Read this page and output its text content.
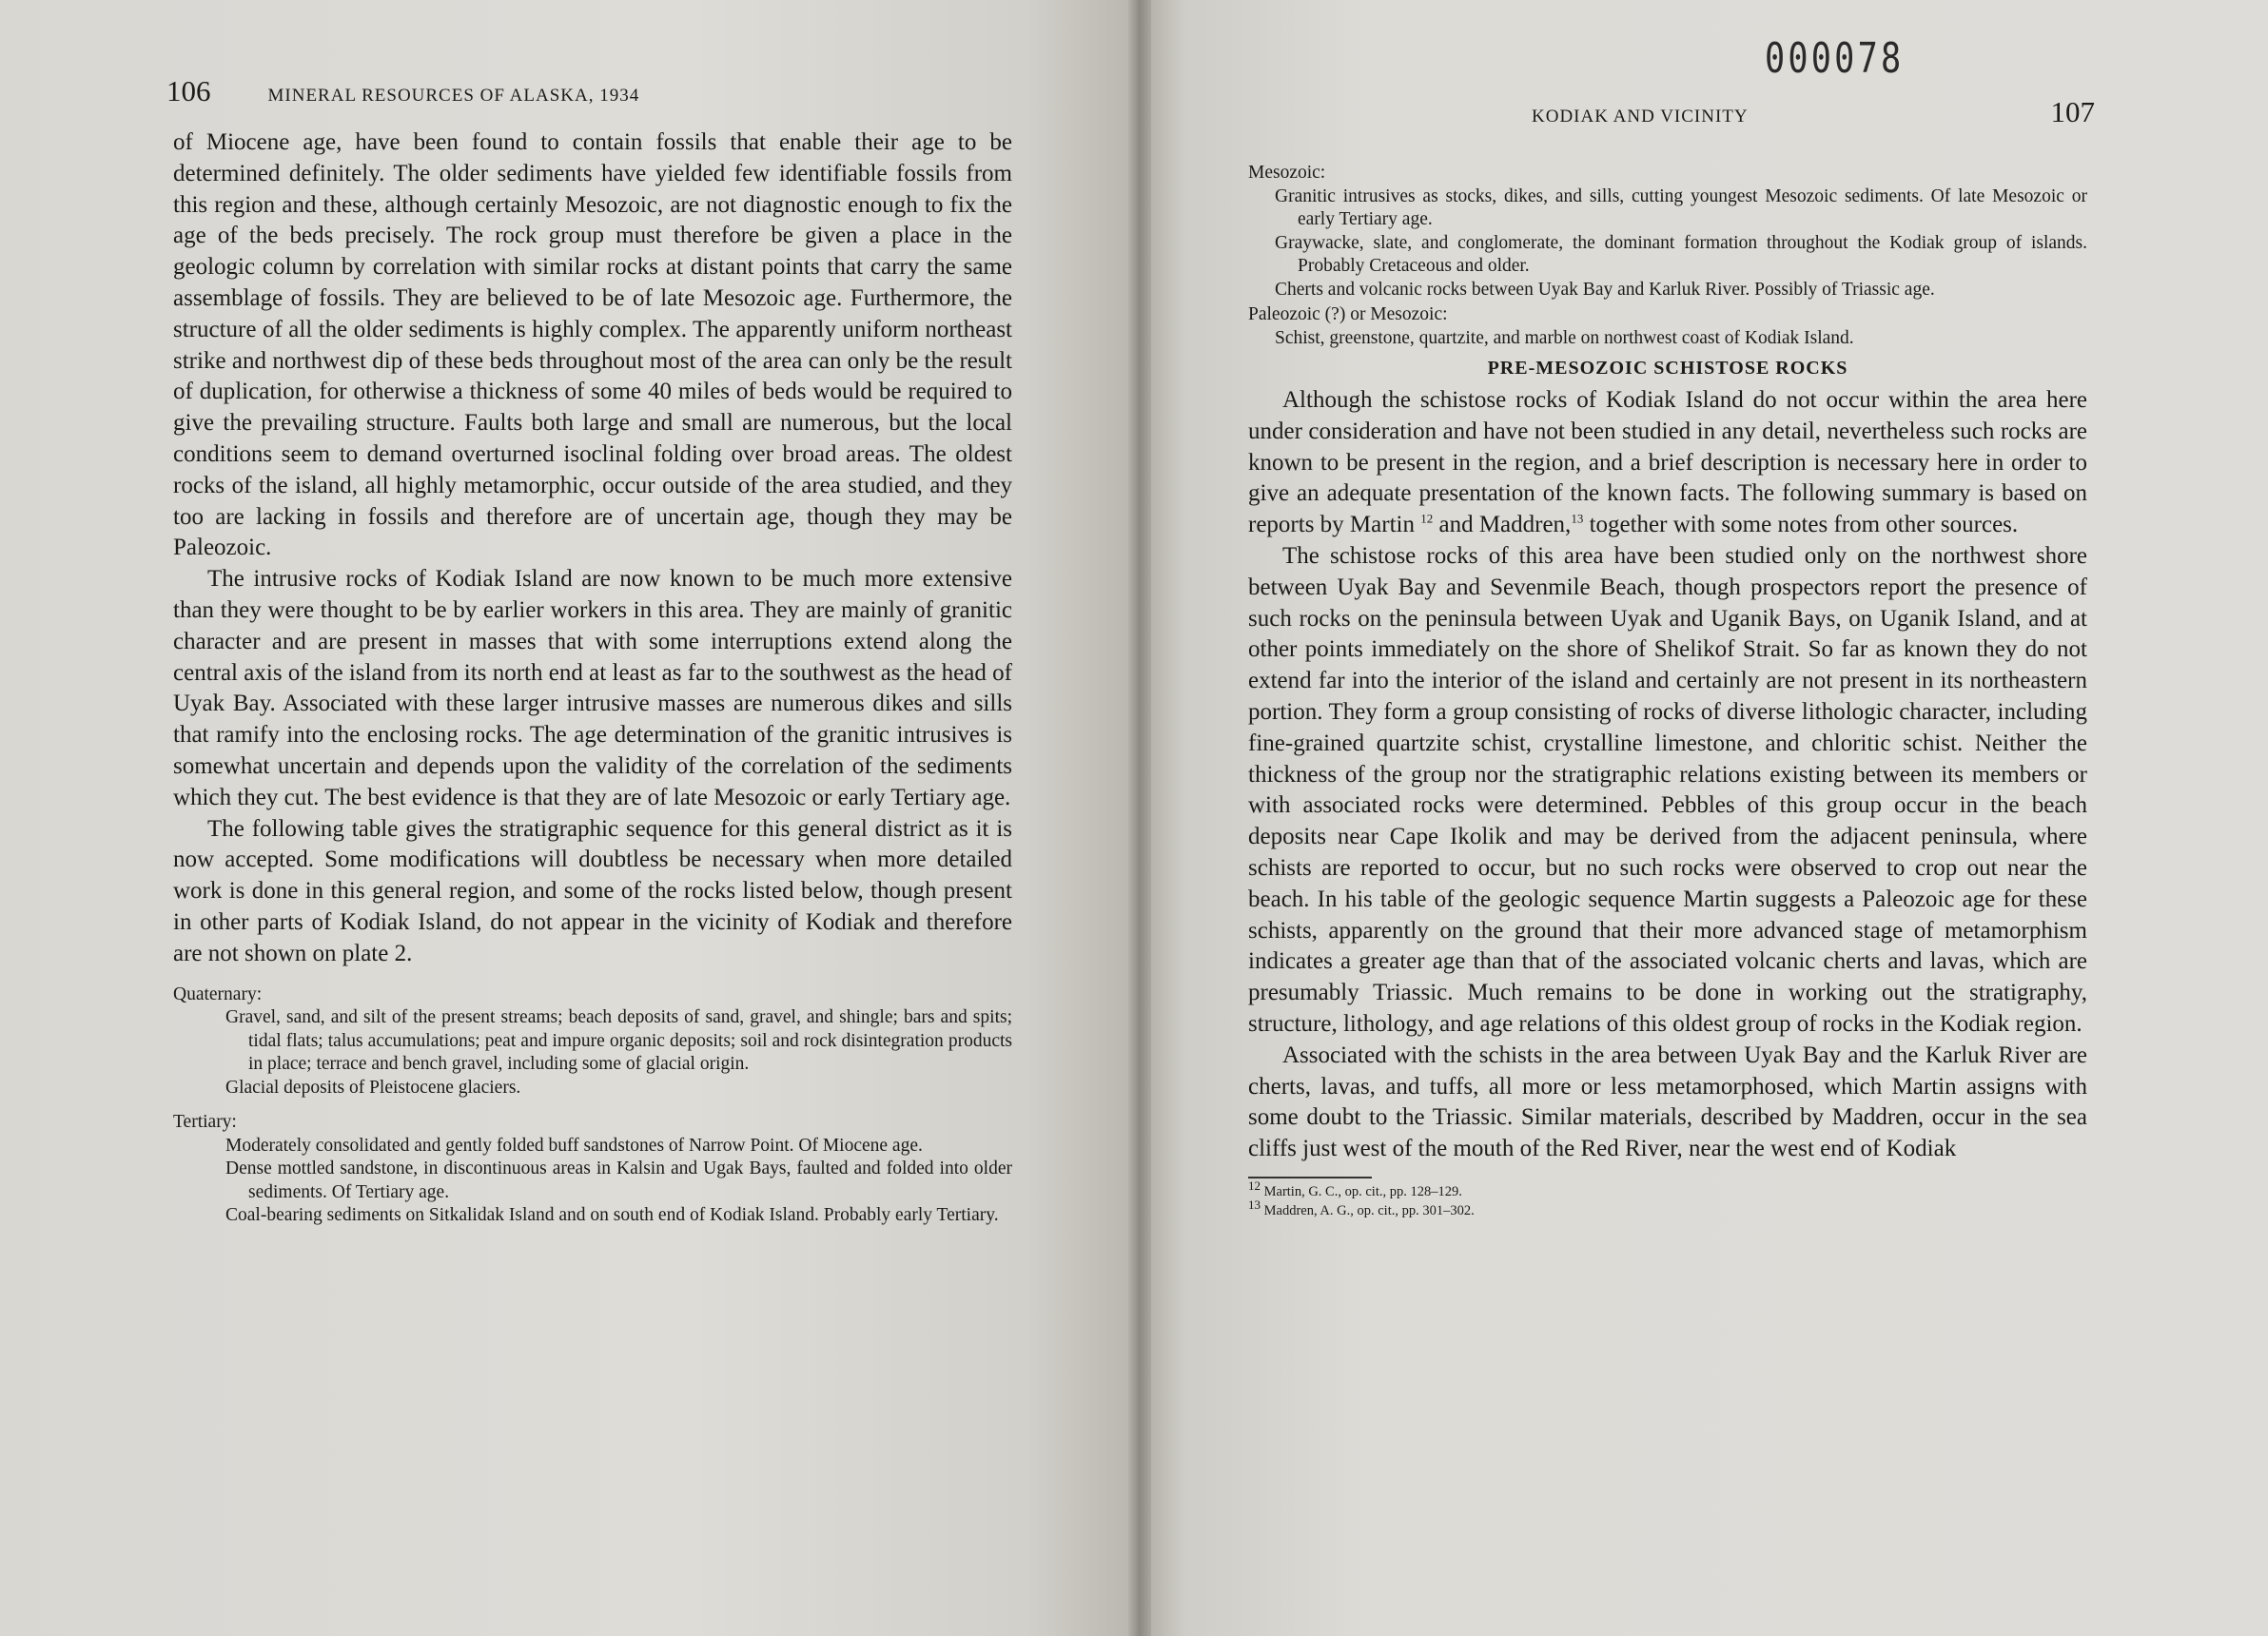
106	MINERAL RESOURCES OF ALASKA, 1934

of Miocene age, have been found to contain fossils that enable their age to be determined definitely. The older sediments have yielded few identifiable fossils from this region and these, although certainly Mesozoic, are not diagnostic enough to fix the age of the beds precisely. The rock group must therefore be given a place in the geologic column by correlation with similar rocks at distant points that carry the same assemblage of fossils. They are believed to be of late Mesozoic age. Furthermore, the structure of all the older sediments is highly complex. The apparently uniform northeast strike and northwest dip of these beds throughout most of the area can only be the result of duplication, for otherwise a thickness of some 40 miles of beds would be required to give the prevailing structure. Faults both large and small are numerous, but the local conditions seem to demand overturned isoclinal folding over broad areas. The oldest rocks of the island, all highly metamorphic, occur outside of the area studied, and they too are lacking in fossils and therefore are of uncertain age, though they may be Paleozoic.

The intrusive rocks of Kodiak Island are now known to be much more extensive than they were thought to be by earlier workers in this area. They are mainly of granitic character and are present in masses that with some interruptions extend along the central axis of the island from its north end at least as far to the southwest as the head of Uyak Bay. Associated with these larger intrusive masses are numerous dikes and sills that ramify into the enclosing rocks. The age determination of the granitic intrusives is somewhat uncertain and depends upon the validity of the correlation of the sediments which they cut. The best evidence is that they are of late Mesozoic or early Tertiary age.

The following table gives the stratigraphic sequence for this general district as it is now accepted. Some modifications will doubtless be necessary when more detailed work is done in this general region, and some of the rocks listed below, though present in other parts of Kodiak Island, do not appear in the vicinity of Kodiak and therefore are not shown on plate 2.

Quaternary:

Gravel, sand, and silt of the present streams; beach deposits of sand, gravel, and shingle; bars and spits; tidal flats; talus accumulations; peat and impure organic deposits; soil and rock disintegration products in place; terrace and bench gravel, including some of glacial origin.

Glacial deposits of Pleistocene glaciers.

Tertiary:

Moderately consolidated and gently folded buff sandstones of Narrow Point. Of Miocene age.

Dense mottled sandstone, in discontinuous areas in Kalsin and Ugak Bays, faulted and folded into older sediments. Of Tertiary age.

Coal-bearing sediments on Sitkalidak Island and on south end of Kodiak Island. Probably early Tertiary.

000078
KODIAK AND VICINITY	107

Mesozoic:

Granitic intrusives as stocks, dikes, and sills, cutting youngest Mesozoic sediments. Of late Mesozoic or early Tertiary age.

Graywacke, slate, and conglomerate, the dominant formation throughout the Kodiak group of islands. Probably Cretaceous and older.

Cherts and volcanic rocks between Uyak Bay and Karluk River. Possibly of Triassic age.

Paleozoic (?) or Mesozoic:

Schist, greenstone, quartzite, and marble on northwest coast of Kodiak Island.

PRE-MESOZOIC SCHISTOSE ROCKS

Although the schistose rocks of Kodiak Island do not occur within the area here under consideration and have not been studied in any detail, nevertheless such rocks are known to be present in the region, and a brief description is necessary here in order to give an adequate presentation of the known facts. The following summary is based on reports by Martin $^{12}$ and Maddren,$^{13}$ together with some notes from other sources.

The schistose rocks of this area have been studied only on the northwest shore between Uyak Bay and Sevenmile Beach, though prospectors report the presence of such rocks on the peninsula between Uyak and Uganik Bays, on Uganik Island, and at other points immediately on the shore of Shelikof Strait. So far as known they do not extend far into the interior of the island and certainly are not present in its northeastern portion. They form a group consisting of rocks of diverse lithologic character, including fine-grained quartzite schist, crystalline limestone, and chloritic schist. Neither the thickness of the group nor the stratigraphic relations existing between its members or with associated rocks were determined. Pebbles of this group occur in the beach deposits near Cape Ikolik and may be derived from the adjacent peninsula, where schists are reported to occur, but no such rocks were observed to crop out near the beach. In his table of the geologic sequence Martin suggests a Paleozoic age for these schists, apparently on the ground that their more advanced stage of metamorphism indicates a greater age than that of the associated volcanic cherts and lavas, which are presumably Triassic. Much remains to be done in working out the stratigraphy, structure, lithology, and age relations of this oldest group of rocks in the Kodiak region.

Associated with the schists in the area between Uyak Bay and the Karluk River are cherts, lavas, and tuffs, all more or less metamorphosed, which Martin assigns with some doubt to the Triassic. Similar materials, described by Maddren, occur in the sea cliffs just west of the mouth of the Red River, near the west end of Kodiak

$^{12}$ Martin, G. C., op. cit., pp. 128–129.

$^{13}$ Maddren, A. G., op. cit., pp. 301–302.
